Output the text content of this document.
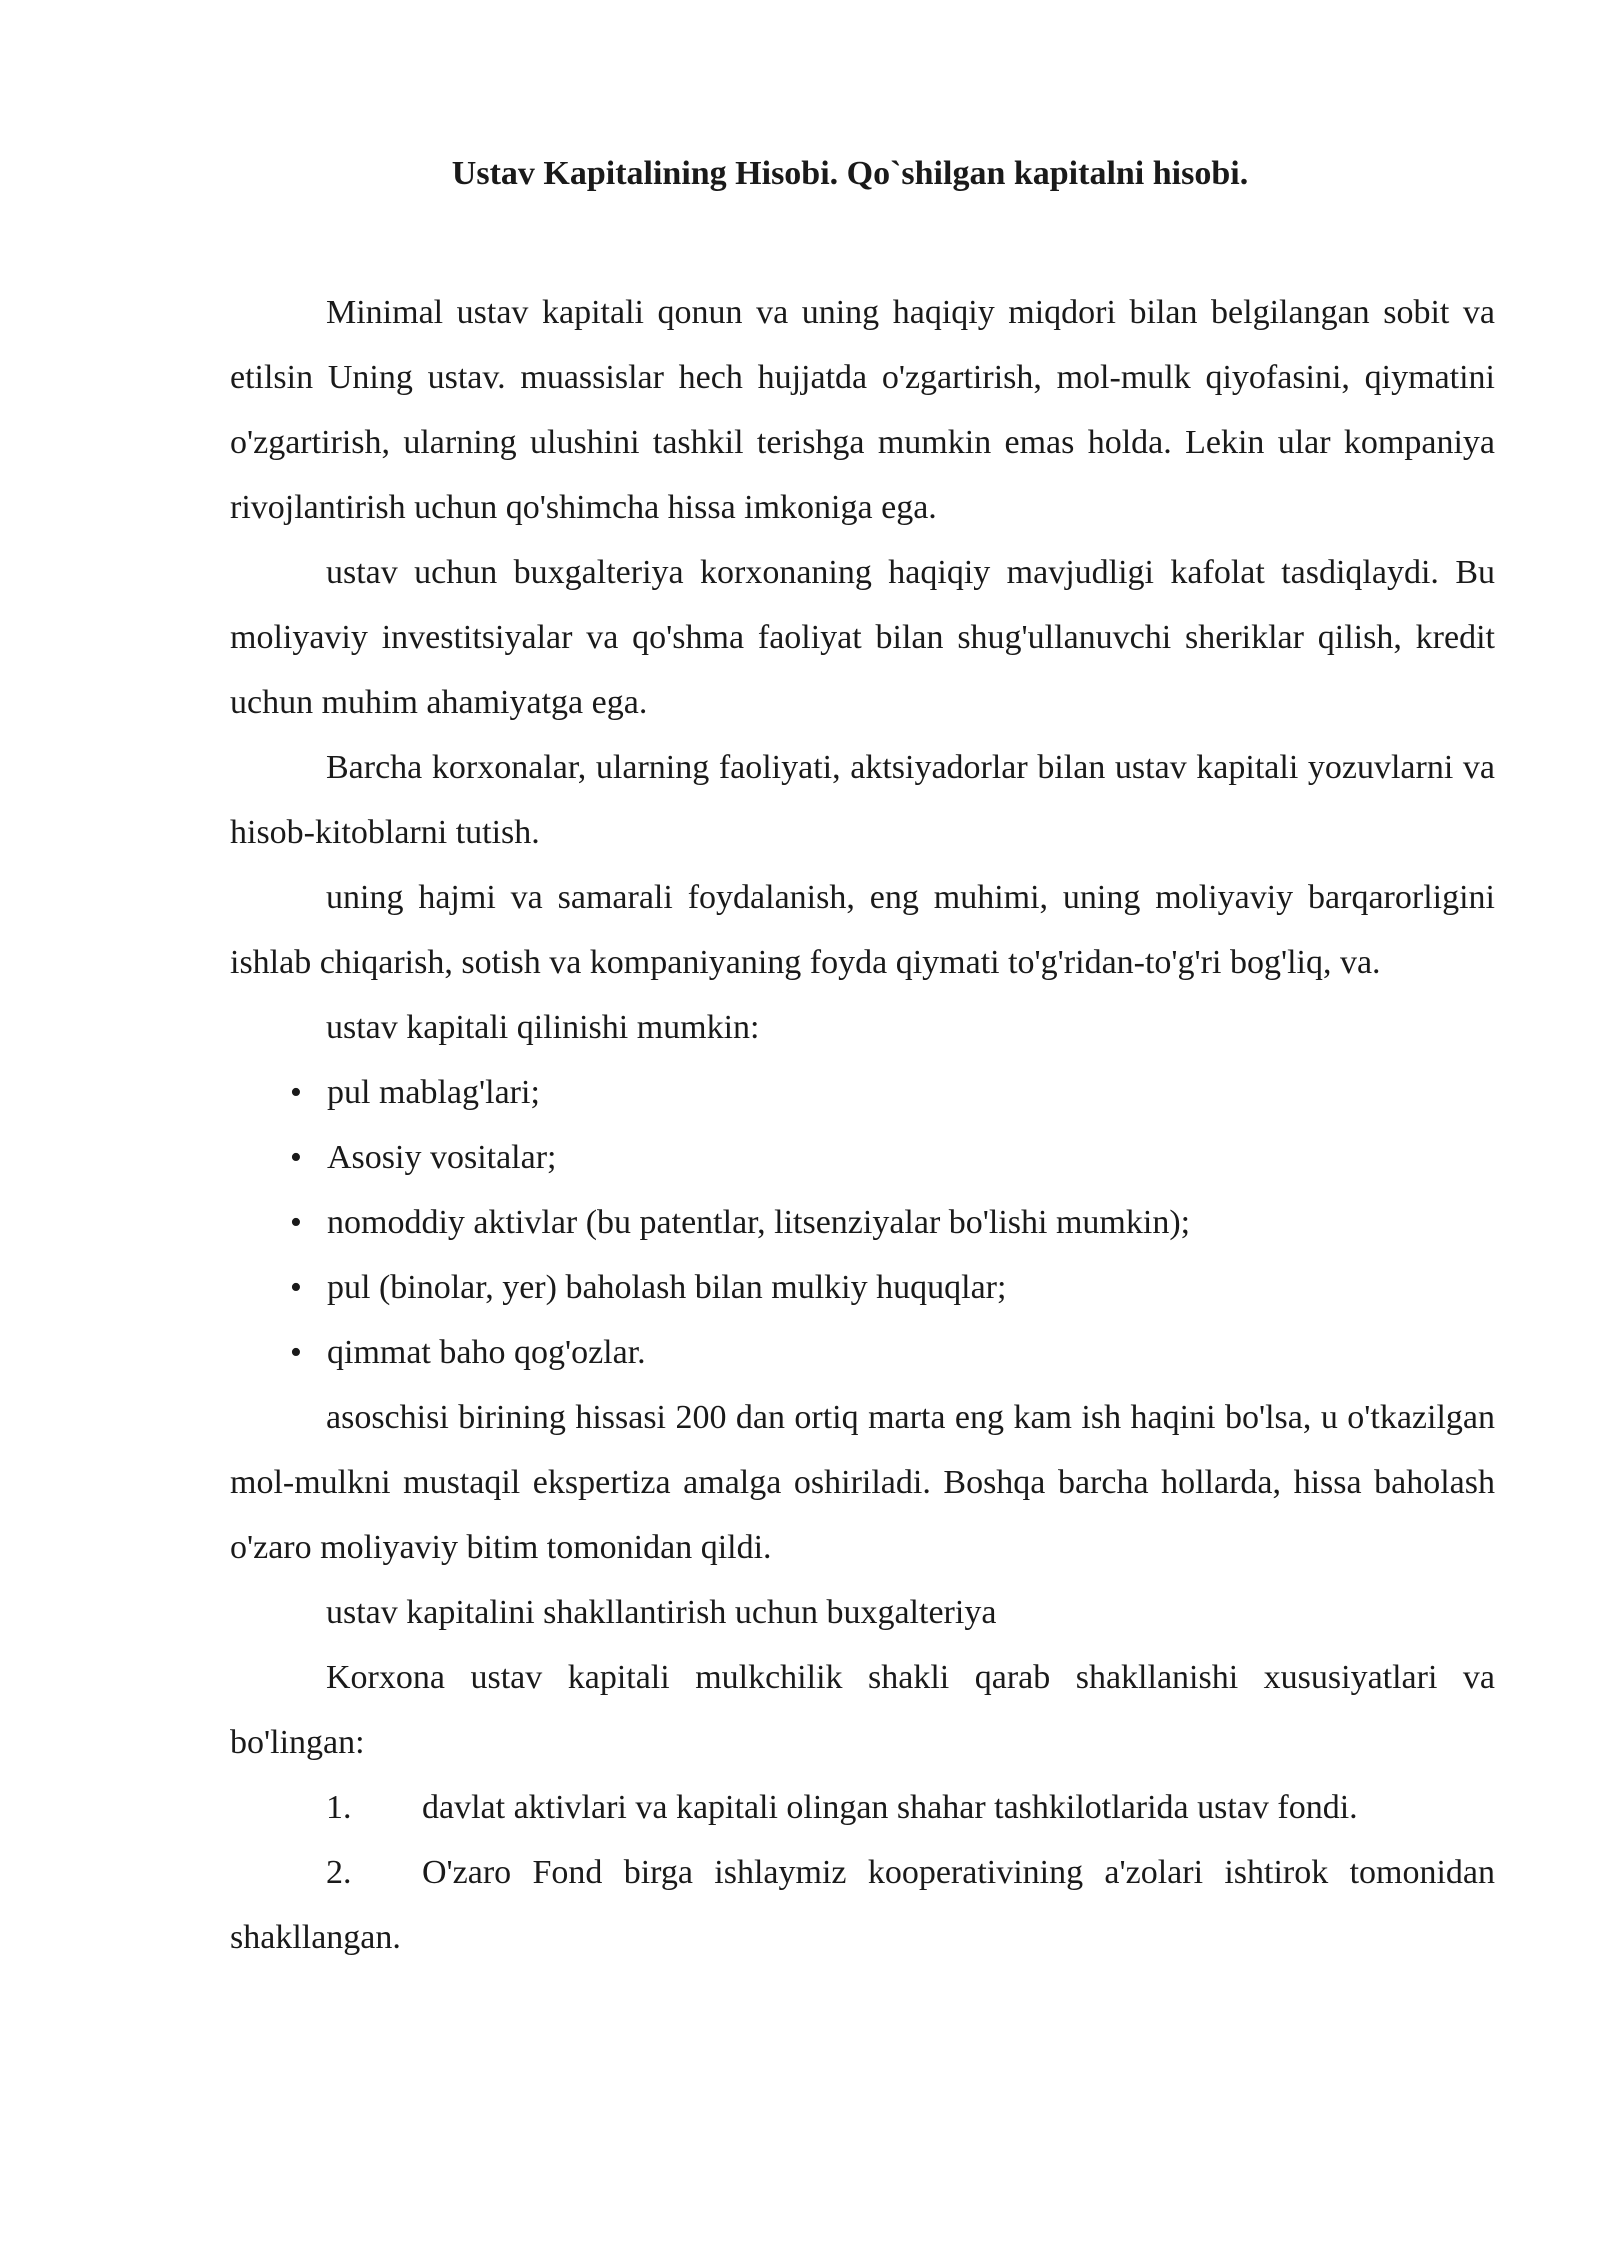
Ustav Kapitalining Hisobi. Qo`shilgan kapitalni hisobi.

Minimal ustav kapitali qonun va uning haqiqiy miqdori bilan belgilangan sobit va etilsin Uning ustav. muassislar hech hujjatda o'zgartirish, mol-mulk qiyofasini, qiymatini o'zgartirish, ularning ulushini tashkil terishga mumkin emas holda. Lekin ular kompaniya rivojlantirish uchun qo'shimcha hissa imkoniga ega.

ustav uchun buxgalteriya korxonaning haqiqiy mavjudligi kafolat tasdiqlaydi. Bu moliyaviy investitsiyalar va qo'shma faoliyat bilan shug'ullanuvchi sheriklar qilish, kredit uchun muhim ahamiyatga ega.

Barcha korxonalar, ularning faoliyati, aktsiyadorlar bilan ustav kapitali yozuvlarni va hisob-kitoblarni tutish.

uning hajmi va samarali foydalanish, eng muhimi, uning moliyaviy barqarorligini ishlab chiqarish, sotish va kompaniyaning foyda qiymati to'g'ridan-to'g'ri bog'liq, va.

ustav kapitali qilinishi mumkin:

• pul mablag'lari;
• Asosiy vositalar;
• nomoddiy aktivlar (bu patentlar, litsenziyalar bo'lishi mumkin);
• pul (binolar, yer) baholash bilan mulkiy huquqlar;
• qimmat baho qog'ozlar.

asoschisi birining hissasi 200 dan ortiq marta eng kam ish haqini bo'lsa, u o'tkazilgan mol-mulkni mustaqil ekspertiza amalga oshiriladi. Boshqa barcha hollarda, hissa baholash o'zaro moliyaviy bitim tomonidan qildi.

ustav kapitalini shakllantirish uchun buxgalteriya

Korxona ustav kapitali mulkchilik shakli qarab shakllanishi xususiyatlari va bo'lingan:

1. davlat aktivlari va kapitali olingan shahar tashkilotlarida ustav fondi.
2. O'zaro Fond birga ishlaymiz kooperativining a'zolari ishtirok tomonidan shakllangan.
